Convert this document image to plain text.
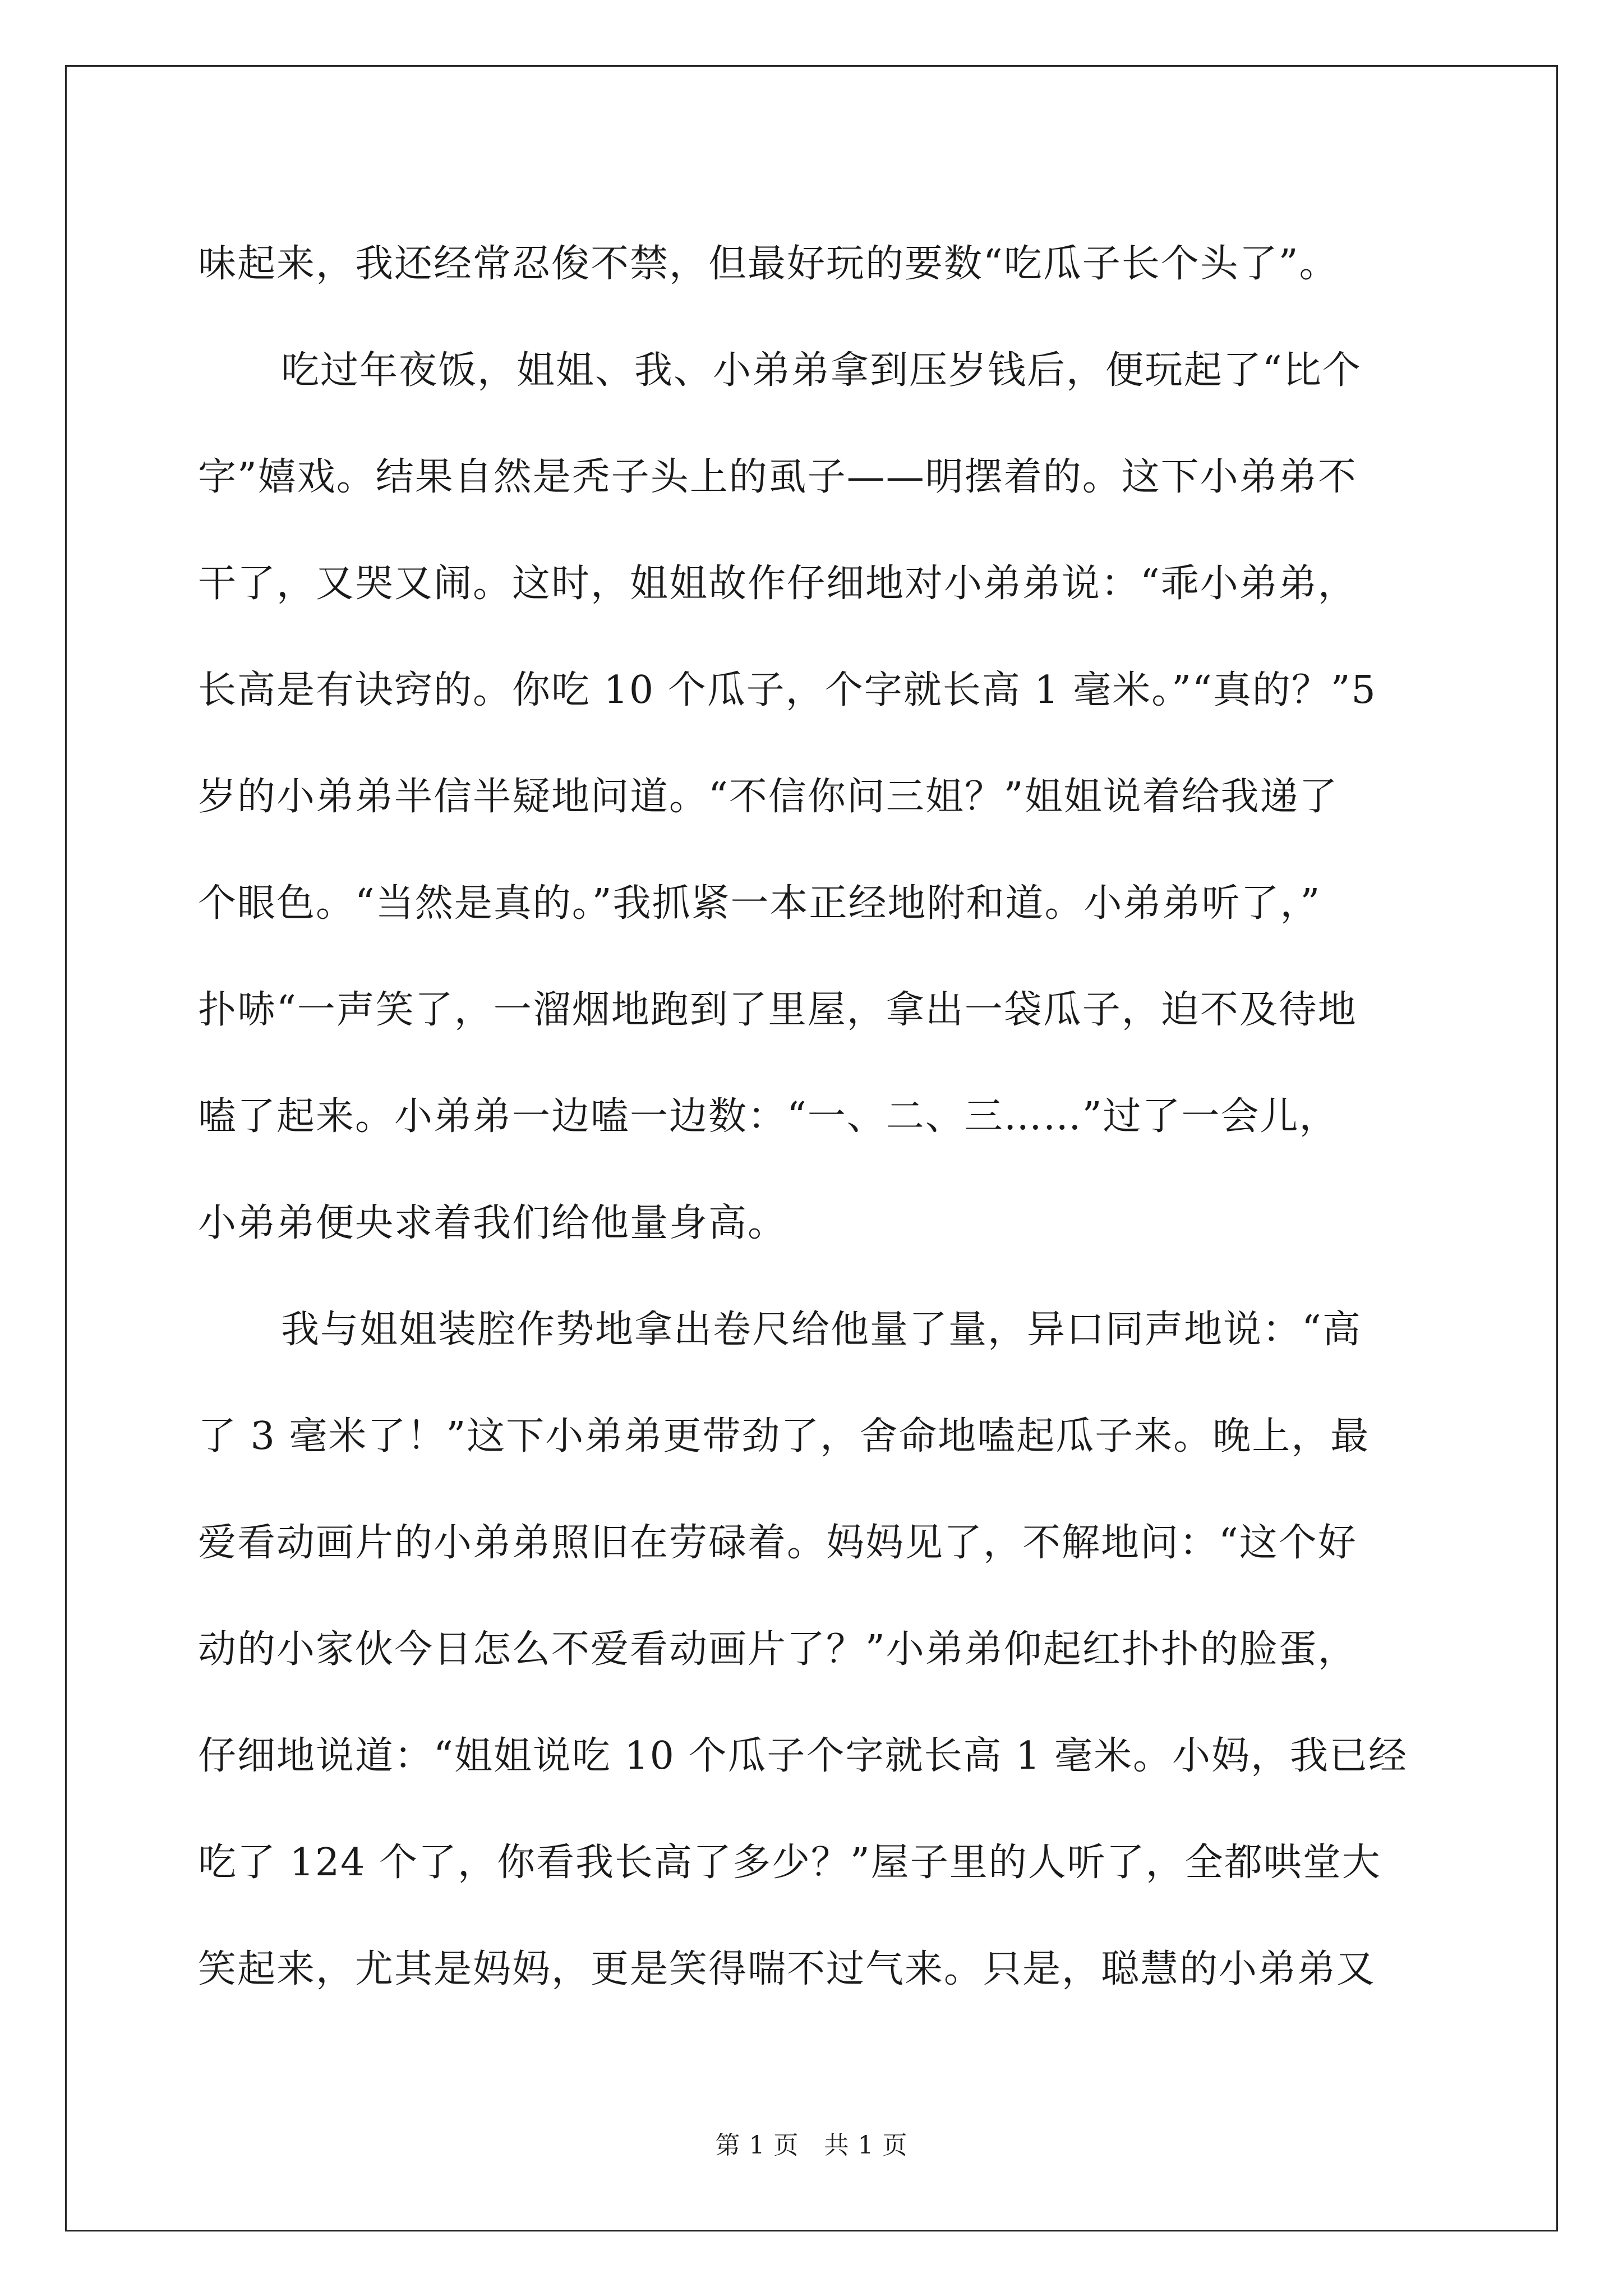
味起来，我还经常忍俊不禁，但最好玩的要数“吃瓜子长个头了”。
吃过年夜饭，姐姐、我、小弟弟拿到压岁钱后，便玩起了“比个
字”嬉戏。结果自然是秃子头上的虱子——明摆着的。这下小弟弟不
干了，又哭又闹。这时，姐姐故作仔细地对小弟弟说：“乖小弟弟，
长高是有诀窍的。你吃 10 个瓜子，个字就长高 1 毫米。”“真的？”5
岁的小弟弟半信半疑地问道。“不信你问三姐？”姐姐说着给我递了
个眼色。“当然是真的。”我抓紧一本正经地附和道。小弟弟听了，”
扑哧“一声笑了，一溜烟地跑到了里屋，拿出一袋瓜子，迫不及待地
嗑了起来。小弟弟一边嗑一边数：“一、二、三……”过了一会儿，
小弟弟便央求着我们给他量身高。
我与姐姐装腔作势地拿出卷尺给他量了量，异口同声地说：“高
了 3 毫米了！”这下小弟弟更带劲了，舍命地嗑起瓜子来。晚上，最
爱看动画片的小弟弟照旧在劳碌着。妈妈见了，不解地问：“这个好
动的小家伙今日怎么不爱看动画片了？”小弟弟仰起红扑扑的脸蛋，
仔细地说道：“姐姐说吃 10 个瓜子个字就长高 1 毫米。小妈，我已经
吃了 124 个了，你看我长高了多少？”屋子里的人听了，全都哄堂大
笑起来，尤其是妈妈，更是笑得喘不过气来。只是，聪慧的小弟弟又
第 1 页　共 1 页
